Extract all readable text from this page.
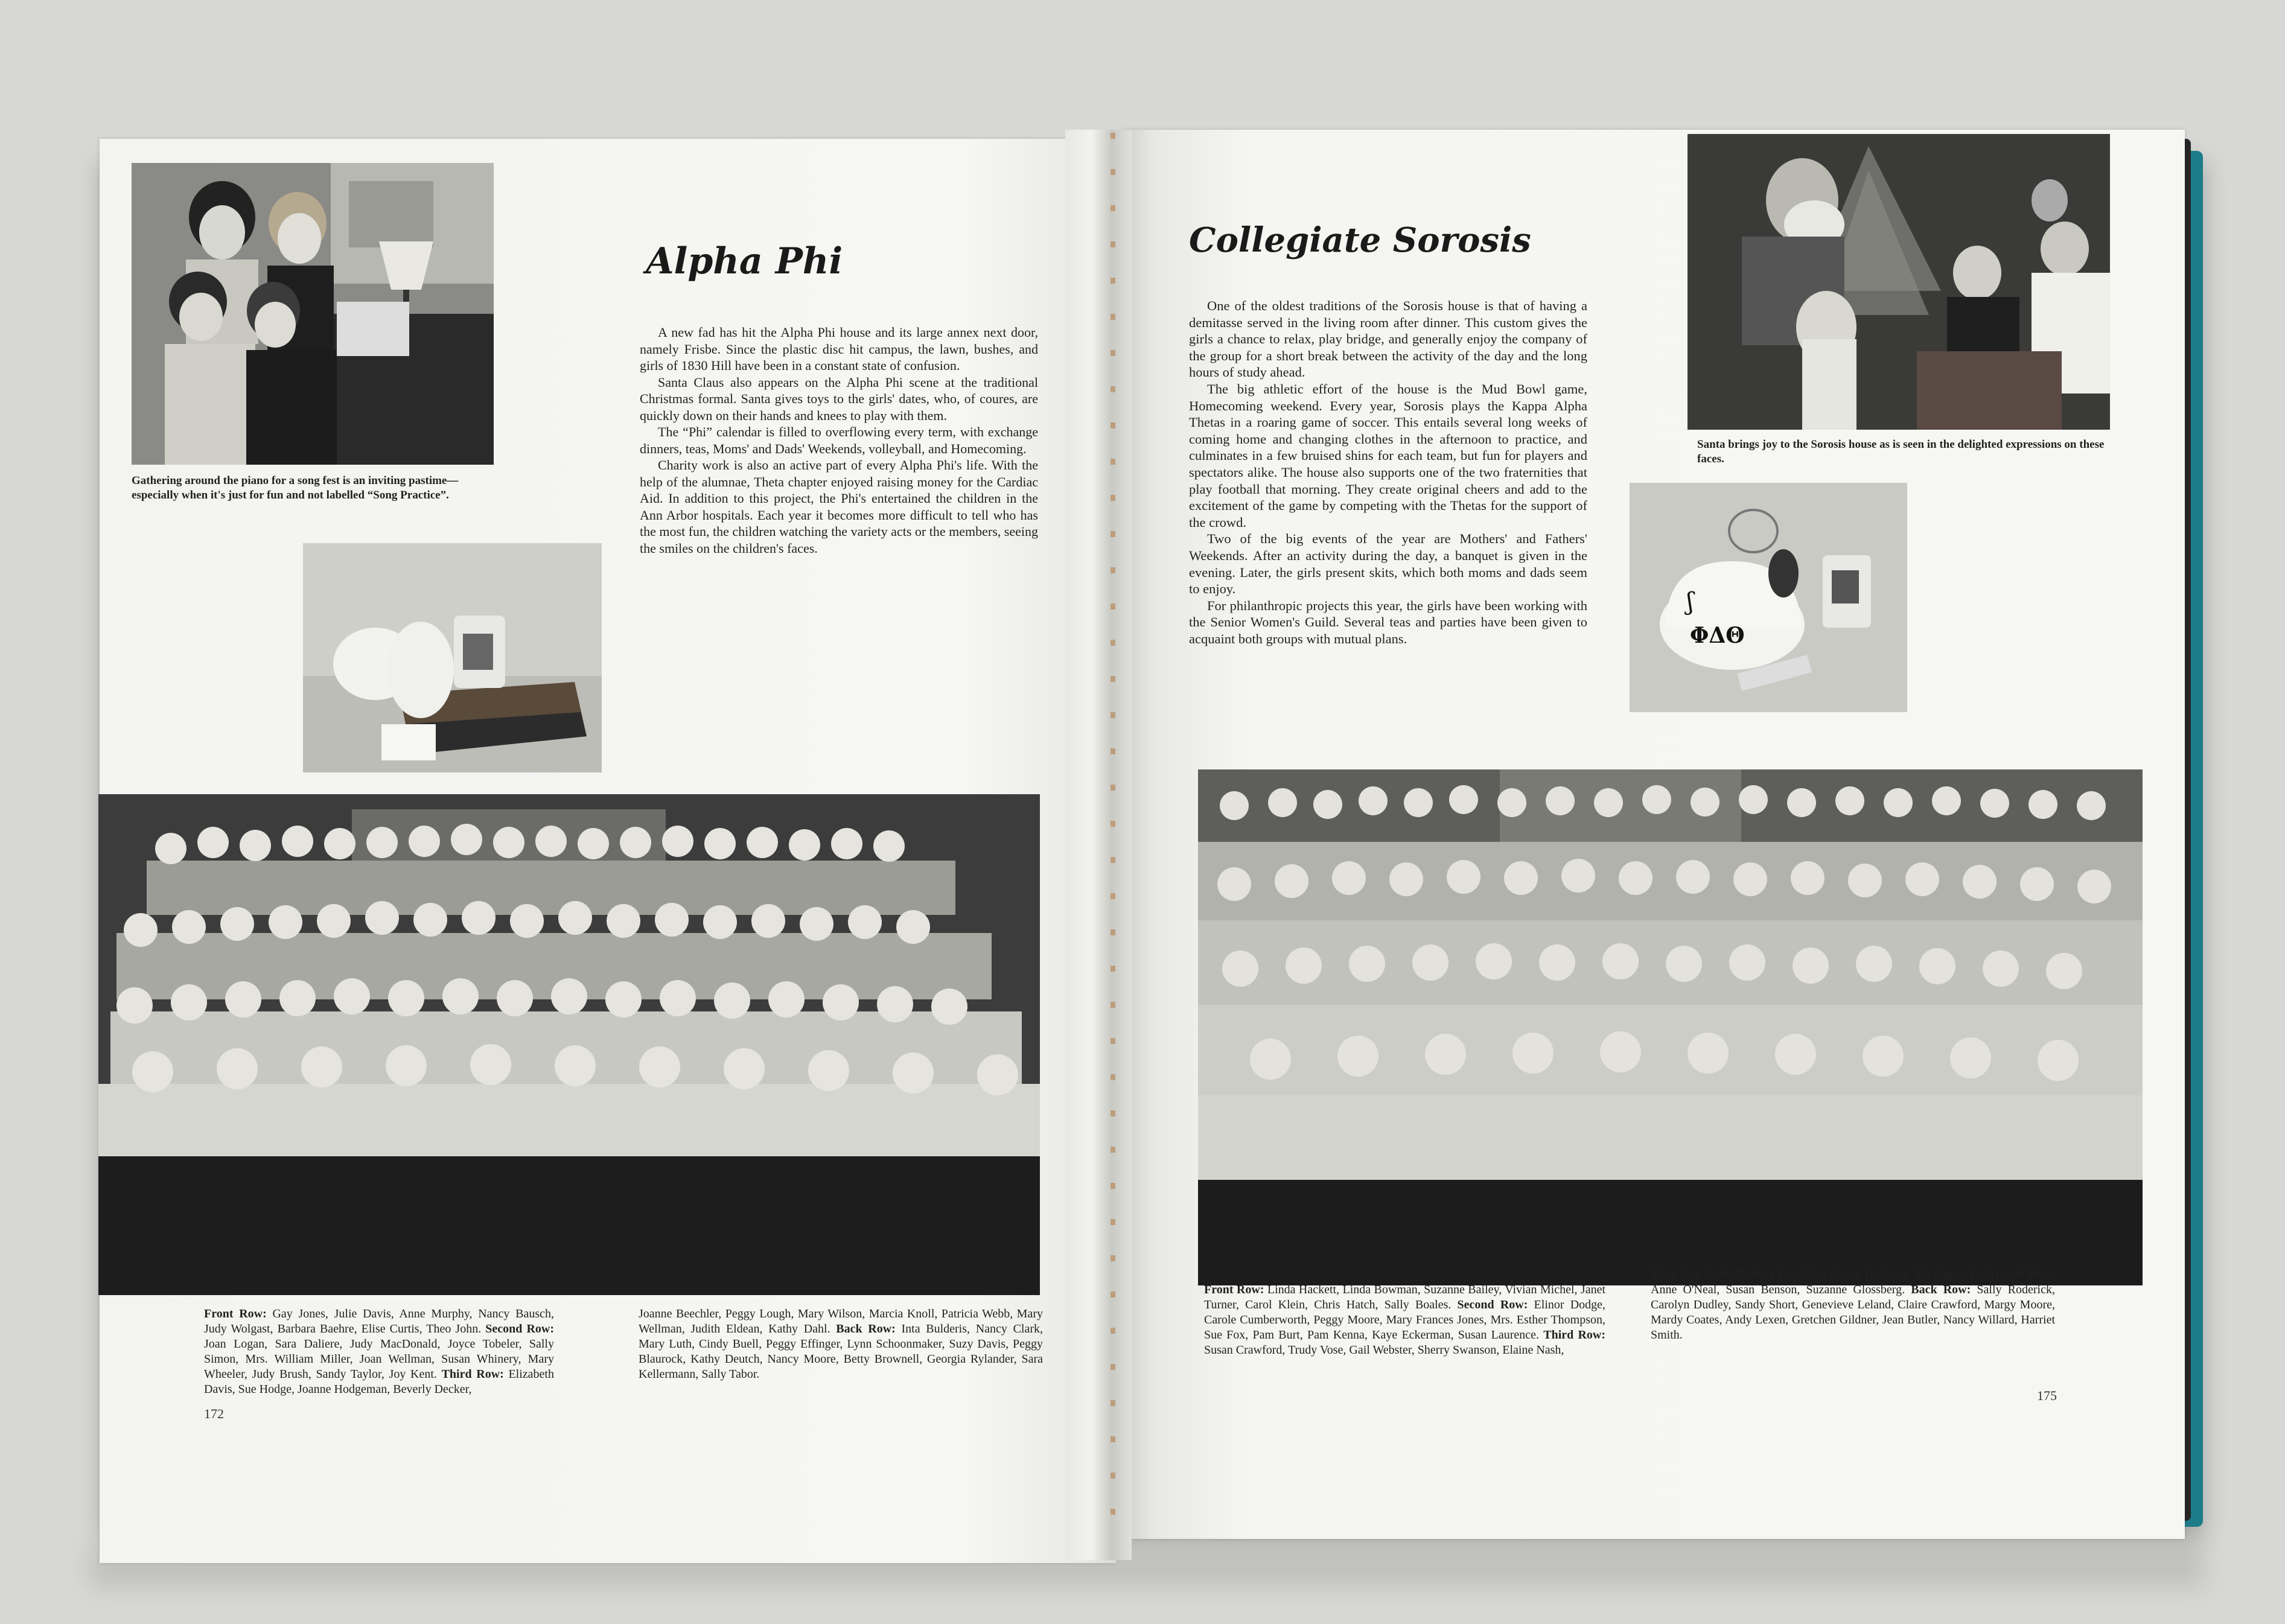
Gathering around the piano for a song fest is an inviting pastime—especially when it's just for fun and not labelled “Song Practice”.
Alpha Phi

A new fad has hit the Alpha Phi house and its large annex next door, namely Frisbe. Since the plastic disc hit campus, the lawn, bushes, and girls of 1830 Hill have been in a constant state of confusion.

Santa Claus also appears on the Alpha Phi scene at the traditional Christmas formal. Santa gives toys to the girls' dates, who, of coures, are quickly down on their hands and knees to play with them.

The “Phi” calendar is filled to overflowing every term, with exchange dinners, teas, Moms' and Dads' Weekends, volleyball, and Homecoming.

Charity work is also an active part of every Alpha Phi's life. With the help of the alumnae, Theta chapter enjoyed raising money for the Cardiac Aid. In addition to this project, the Phi's entertained the children in the Ann Arbor hospitals. Each year it becomes more difficult to tell who has the most fun, the children watching the variety acts or the members, seeing the smiles on the children's faces.

Front Row: Gay Jones, Julie Davis, Anne Murphy, Nancy Bausch, Judy Wolgast, Barbara Baehre, Elise Curtis, Theo John. Second Row: Joan Logan, Sara Daliere, Judy MacDonald, Joyce Tobeler, Sally Simon, Mrs. William Miller, Joan Wellman, Susan Whinery, Mary Wheeler, Judy Brush, Sandy Taylor, Joy Kent. Third Row: Elizabeth Davis, Sue Hodge, Joanne Hodgeman, Beverly Decker,
Joanne Beechler, Peggy Lough, Mary Wilson, Marcia Knoll, Patricia Webb, Mary Wellman, Judith Eldean, Kathy Dahl. Back Row: Inta Bulderis, Nancy Clark, Mary Luth, Cindy Buell, Peggy Effinger, Lynn Schoonmaker, Suzy Davis, Peggy Blaurock, Kathy Deutch, Nancy Moore, Betty Brownell, Georgia Rylander, Sara Kellermann, Sally Tabor.
172
Collegiate Sorosis

One of the oldest traditions of the Sorosis house is that of having a demitasse served in the living room after dinner. This custom gives the girls a chance to relax, play bridge, and generally enjoy the company of the group for a short break between the activity of the day and the long hours of study ahead.

The big athletic effort of the house is the Mud Bowl game, Homecoming weekend. Every year, Sorosis plays the Kappa Alpha Thetas in a roaring game of soccer. This entails several long weeks of coming home and changing clothes in the afternoon to practice, and culminates in a few bruised shins for each team, but fun for players and spectators alike. The house also supports one of the two fraternities that play football that morning. They create original cheers and add to the excitement of the game by competing with the Thetas for the support of the crowd.

Two of the big events of the year are Mothers' and Fathers' Weekends. After an activity during the day, a banquet is given in the evening. Later, the girls present skits, which both moms and dads seem to enjoy.

For philanthropic projects this year, the girls have been working with the Senior Women's Guild. Several teas and parties have been given to acquaint both groups with mutual plans.

Santa brings joy to the Sorosis house as is seen in the delighted expressions on these faces.
ʃ
ΦΔΘ
Front Row: Linda Hackett, Linda Bowman, Suzanne Bailey, Vivian Michel, Janet Turner, Carol Klein, Chris Hatch, Sally Boales. Second Row: Elinor Dodge, Carole Cumberworth, Peggy Moore, Mary Frances Jones, Mrs. Esther Thompson, Sue Fox, Pam Burt, Pam Kenna, Kaye Eckerman, Susan Laurence. Third Row: Susan Crawford, Trudy Vose, Gail Webster, Sherry Swanson, Elaine Nash,
Mary Lou Kieft, Barbara Loughlin, Frosty Holladay, Bo Shinnick, Mary Jo West, Anne O'Neal, Susan Benson, Suzanne Glossberg. Back Row: Sally Roderick, Carolyn Dudley, Sandy Short, Genevieve Leland, Claire Crawford, Margy Moore, Mardy Coates, Andy Lexen, Gretchen Gildner, Jean Butler, Nancy Willard, Harriet Smith.
175
